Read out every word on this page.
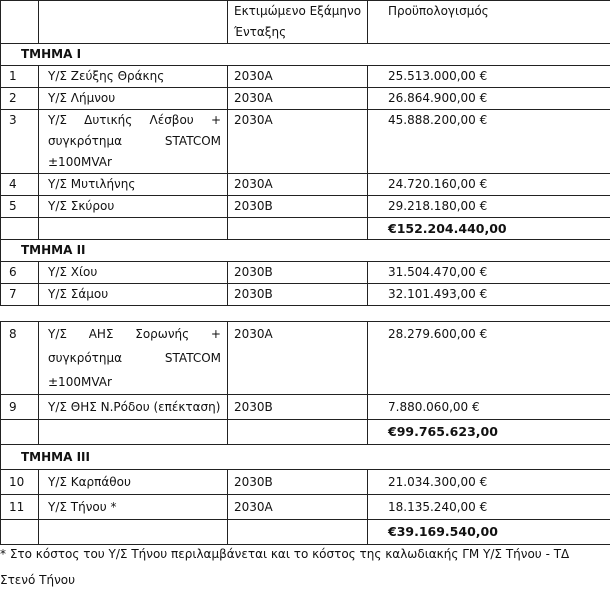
		Εκτιμώμενο Εξάμηνο Ένταξης	Προϋπολογισμός
ΤΜΗΜΑ Ι			
1	Υ/Σ Ζεύξης Θράκης	2030A	25.513.000,00 €
2	Υ/Σ Λήμνου	2030A	26.864.900,00 €
3	Υ/Σ Δυτικής Λέσβου + συγκρότημα STATCOM ±100MVAr	2030A	45.888.200,00 €
4	Υ/Σ Μυτιλήνης	2030A	24.720.160,00 €
5	Υ/Σ Σκύρου	2030B	29.218.180,00 €
			€152.204.440,00
ΤΜΗΜΑ ΙΙ			
6	Υ/Σ Χίου	2030B	31.504.470,00 €
7	Υ/Σ Σάμου	2030B	32.101.493,00 €
8	Υ/Σ ΑΗΣ Σορωνής + συγκρότημα STATCOM ±100MVAr	2030A	28.279.600,00 €
9	Υ/Σ ΘΗΣ Ν.Ρόδου (επέκταση)	2030B	7.880.060,00 €
			€99.765.623,00
ΤΜΗΜΑ ΙΙΙ			
10	Υ/Σ Καρπάθου	2030B	21.034.300,00 €
11	Υ/Σ Τήνου *	2030A	18.135.240,00 €
			€39.169.540,00
* Στο κόστος του Υ/Σ Τήνου περιλαμβάνεται και το κόστος της καλωδιακής ΓΜ Υ/Σ Τήνου - ΤΔ Στενό Τήνου
